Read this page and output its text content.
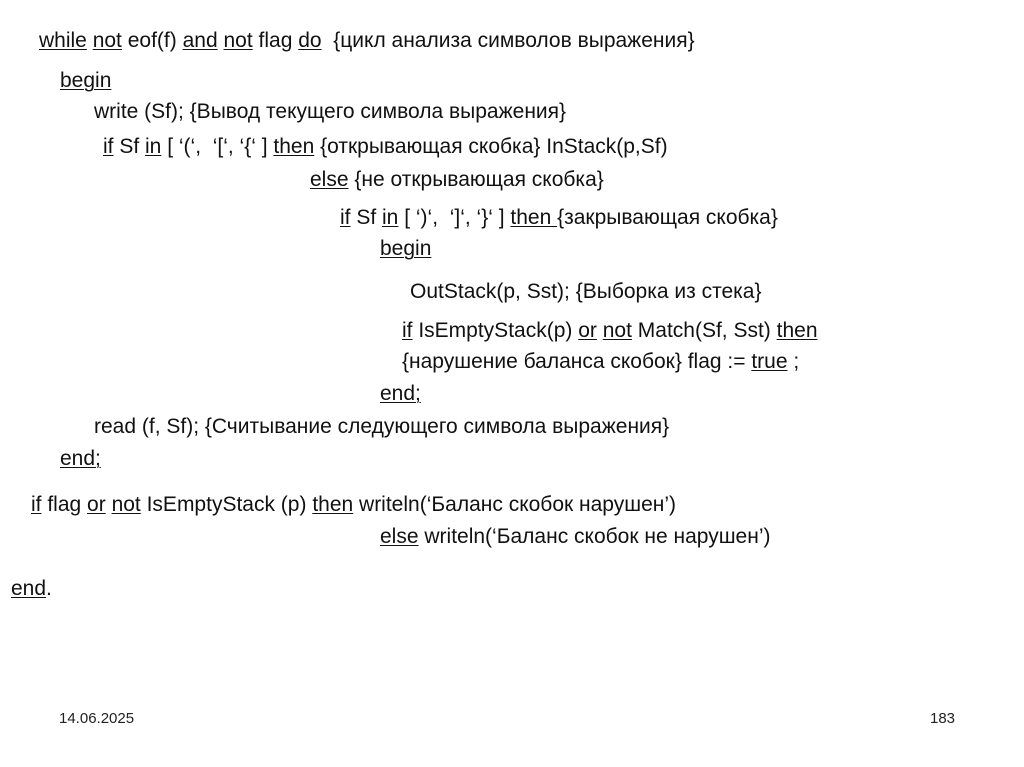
while not eof(f) and not flag do  {цикл анализа символов выражения}
begin
write (Sf); {Вывод текущего символа выражения}
if Sf in [ ‘(‘,  ‘[‘, ‘{‘ ] then {открывающая скобка} InStack(p,Sf)
else {не открывающая скобка}
if Sf in [ ‘)‘,  ‘]‘, ‘}‘ ] then {закрывающая скобка}
begin
OutStack(p, Sst); {Выборка из стека}
if IsEmptyStack(p) or not Match(Sf, Sst) then
{нарушение баланса скобок} flag := true ;
end;
read (f, Sf); {Считывание следующего символа выражения}
end;
if flag or not IsEmptyStack (p) then writeln(‘Баланс скобок нарушен’)
else writeln(‘Баланс скобок не нарушен’)
end.
14.06.2025	183
